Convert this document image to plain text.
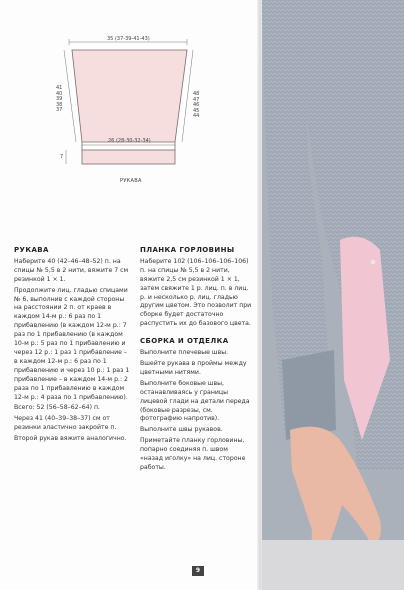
35 (37-39-41-43)
41
40
39
38
37
48
47
46
45
44
26 (28-30-32-34)
7
РУКАВА
РУКАВА

Наберите 40 (42–46–48–52) п. на спицы № 5,5 в 2 нити, вяжите 7 см резинкой 1 × 1.

Продолжите лиц. гладью спицами № 6, выполнив с каждой стороны на расстоянии 2 п. от краев в каждом 14-м р.: 6 раз по 1 прибавлению (в каждом 12-м р.: 7 раз по 1 прибавлению (в каждом 10-м р.: 5 раз по 1 прибавлению и через 12 р.: 1 раз 1 прибавление – в каждом 12-м р.: 6 раз по 1 прибавлению и через 10 р.: 1 раз 1 прибавление – в каждом 14-м р.: 2 раза по 1 прибавлению в каждом 12-м р.: 4 раза по 1 прибавлению).

Всего: 52 (56–58–62–64) п.

Через 41 (40–39–38–37) см от резинки эластично закройте п.

Второй рукав вяжите аналогично.

ПЛАНКА ГОРЛОВИНЫ

Наберите 102 (106–106–106–106) п. на спицы № 5,5 в 2 нити, вяжите 2,5 см резинкой 1 × 1, затем свяжите 1 р. лиц. п. в лиц. р. и несколько р. лиц. гладью другим цветом. Это позволит при сборке будет достаточно распустить их до базового цвета.

СБОРКА И ОТДЕЛКА

Выполните плечевые швы.

Вшейте рукава в проймы между цветными нитями.

Выполните боковые швы, останавливаясь у границы лицевой глади на детали переда (боковые разрезы, см. фотографию напротив).

Выполните швы рукавов.

Приметайте планку горловины, попарно соединяя п. швом «назад иголку» на лиц. стороне работы.

9
